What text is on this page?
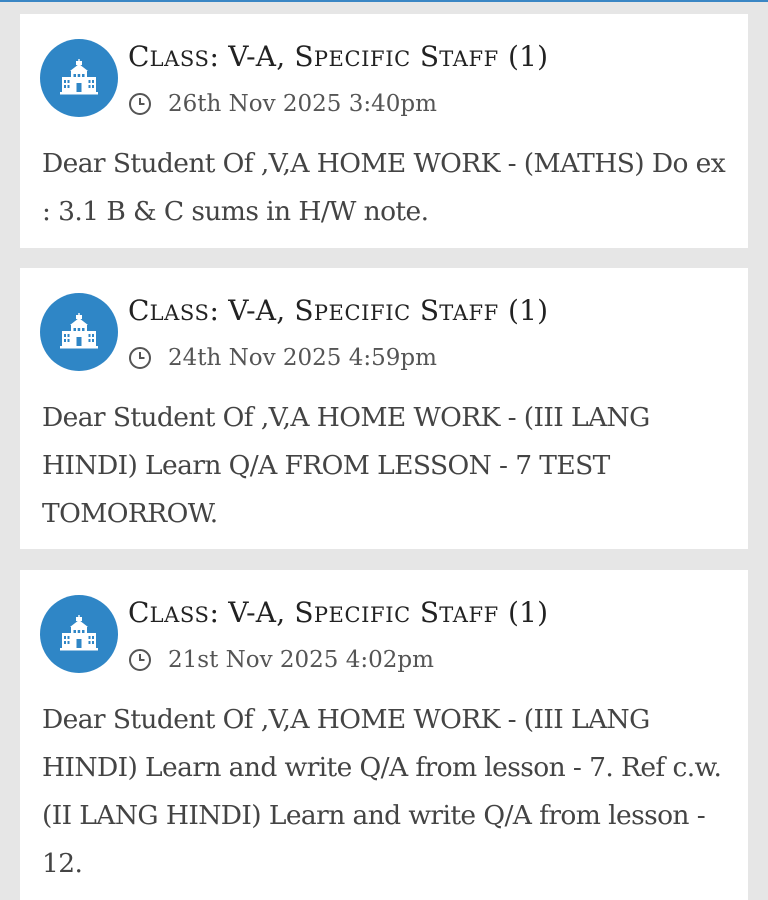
CLASS: V-A, SPECIFIC STAFF (1)
26th Nov 2025 3:40pm

Dear Student Of ,V,A HOME WORK - (MATHS) Do ex : 3.1 B & C sums in H/W note.

CLASS: V-A, SPECIFIC STAFF (1)
24th Nov 2025 4:59pm

Dear Student Of ,V,A HOME WORK - (III LANG HINDI) Learn Q/A FROM LESSON - 7 TEST TOMORROW.

CLASS: V-A, SPECIFIC STAFF (1)
21st Nov 2025 4:02pm

Dear Student Of ,V,A HOME WORK - (III LANG HINDI) Learn and write Q/A from lesson - 7. Ref c.w. (II LANG HINDI) Learn and write Q/A from lesson - 12.
